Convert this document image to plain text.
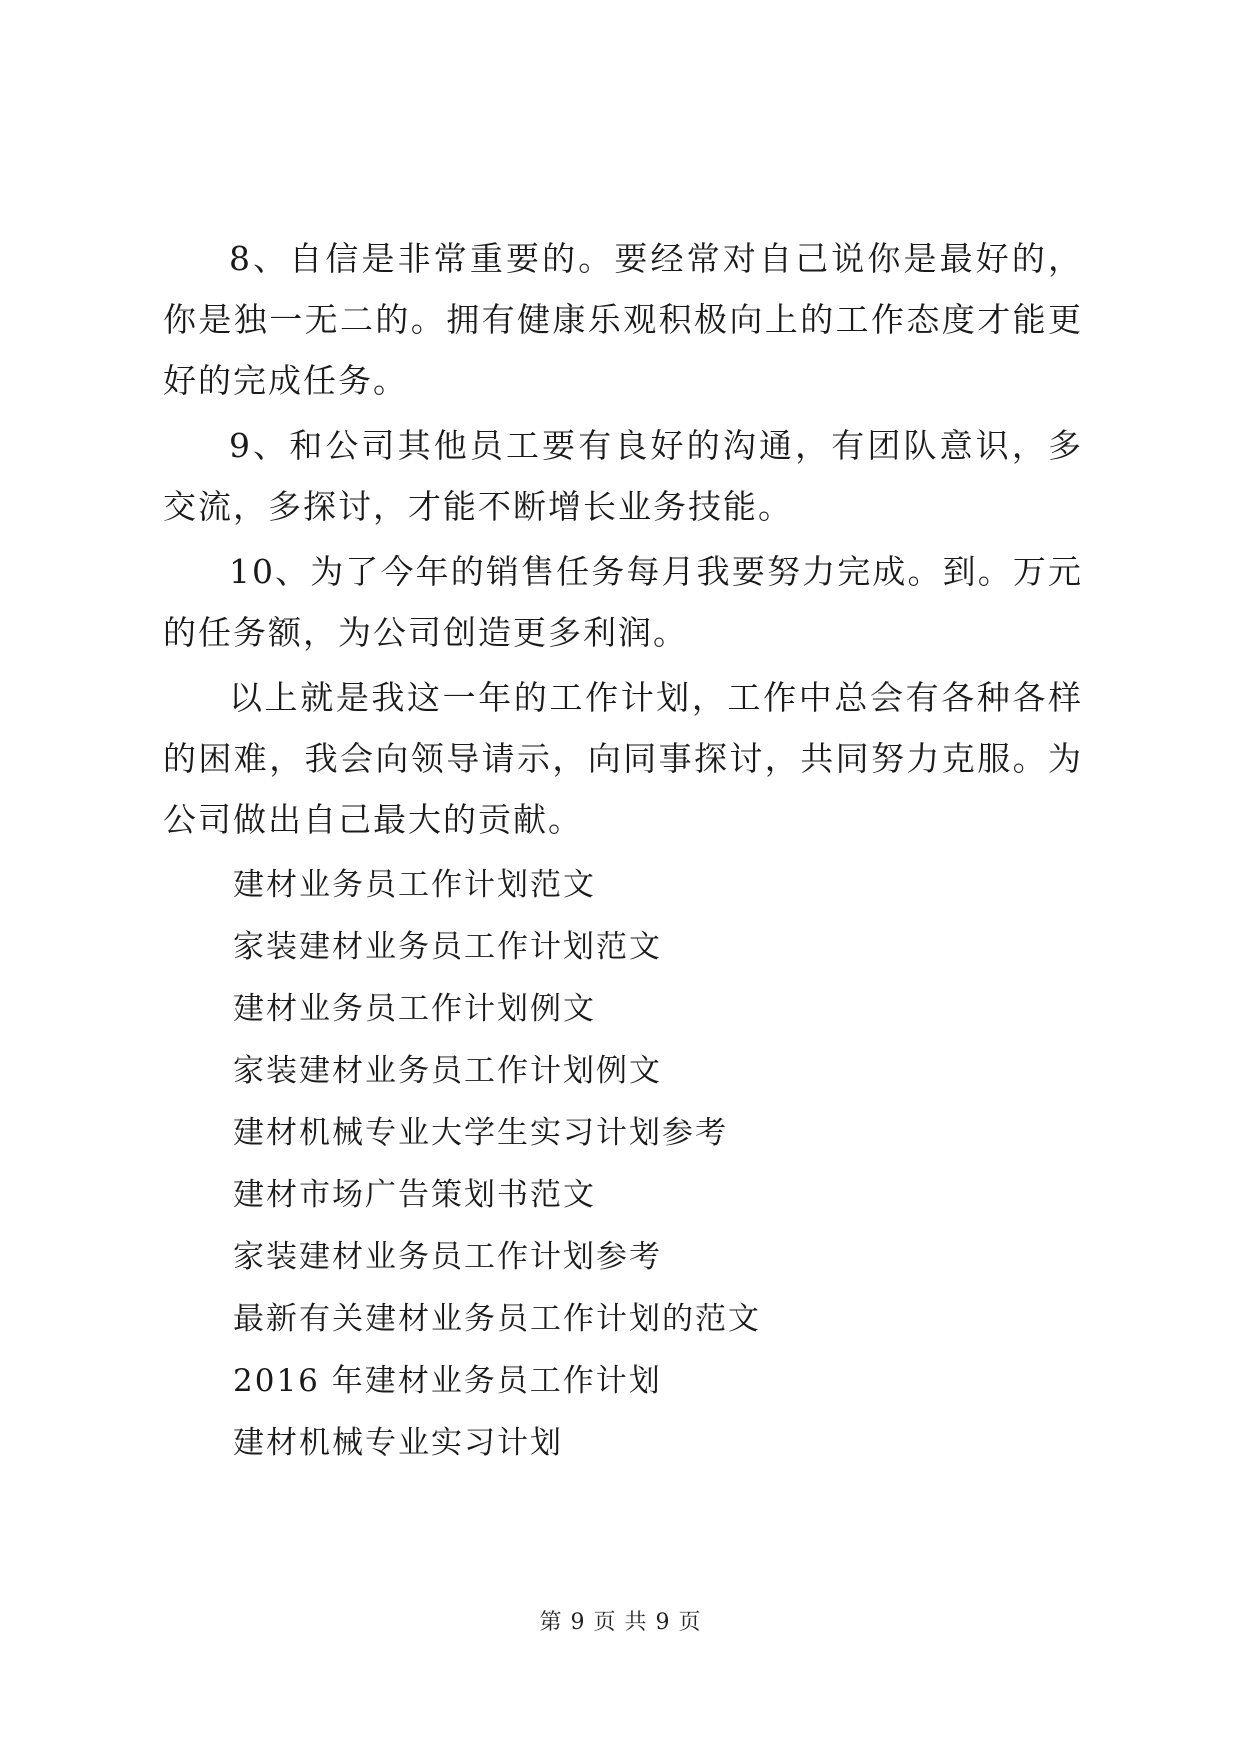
8、自信是非常重要的。要经常对自己说你是最好的，你是独一无二的。拥有健康乐观积极向上的工作态度才能更好的完成任务。

9、和公司其他员工要有良好的沟通，有团队意识，多交流，多探讨，才能不断增长业务技能。

10、为了今年的销售任务每月我要努力完成。到。万元的任务额，为公司创造更多利润。

以上就是我这一年的工作计划，工作中总会有各种各样的困难，我会向领导请示，向同事探讨，共同努力克服。为公司做出自己最大的贡献。

建材业务员工作计划范文
家装建材业务员工作计划范文
建材业务员工作计划例文
家装建材业务员工作计划例文
建材机械专业大学生实习计划参考
建材市场广告策划书范文
家装建材业务员工作计划参考
最新有关建材业务员工作计划的范文
2016 年建材业务员工作计划
建材机械专业实习计划
第 9 页 共 9 页
